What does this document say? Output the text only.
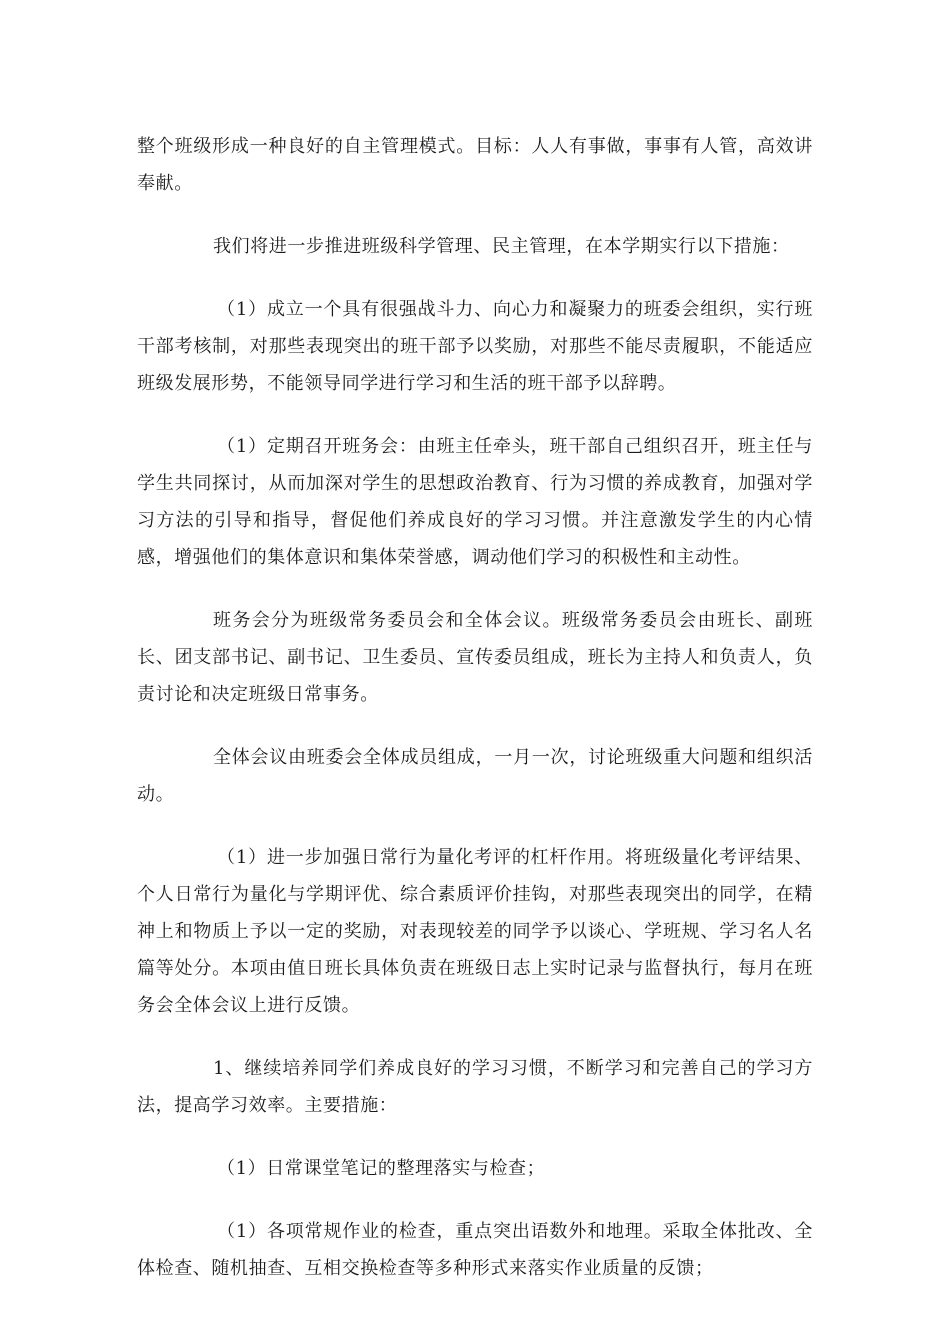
整个班级形成一种良好的自主管理模式。目标：人人有事做，事事有人管，高效讲奉献。

我们将进一步推进班级科学管理、民主管理，在本学期实行以下措施：

（1）成立一个具有很强战斗力、向心力和凝聚力的班委会组织，实行班干部考核制，对那些表现突出的班干部予以奖励，对那些不能尽责履职，不能适应班级发展形势，不能领导同学进行学习和生活的班干部予以辞聘。

（1）定期召开班务会：由班主任牵头，班干部自己组织召开，班主任与学生共同探讨，从而加深对学生的思想政治教育、行为习惯的养成教育，加强对学习方法的引导和指导，督促他们养成良好的学习习惯。并注意激发学生的内心情感，增强他们的集体意识和集体荣誉感，调动他们学习的积极性和主动性。

班务会分为班级常务委员会和全体会议。班级常务委员会由班长、副班长、团支部书记、副书记、卫生委员、宣传委员组成，班长为主持人和负责人，负责讨论和决定班级日常事务。

全体会议由班委会全体成员组成，一月一次，讨论班级重大问题和组织活动。

（1）进一步加强日常行为量化考评的杠杆作用。将班级量化考评结果、个人日常行为量化与学期评优、综合素质评价挂钩，对那些表现突出的同学，在精神上和物质上予以一定的奖励，对表现较差的同学予以谈心、学班规、学习名人名篇等处分。本项由值日班长具体负责在班级日志上实时记录与监督执行，每月在班务会全体会议上进行反馈。

1、继续培养同学们养成良好的学习习惯，不断学习和完善自己的学习方法，提高学习效率。主要措施：

（1）日常课堂笔记的整理落实与检查；

（1）各项常规作业的检查，重点突出语数外和地理。采取全体批改、全体检查、随机抽查、互相交换检查等多种形式来落实作业质量的反馈；
